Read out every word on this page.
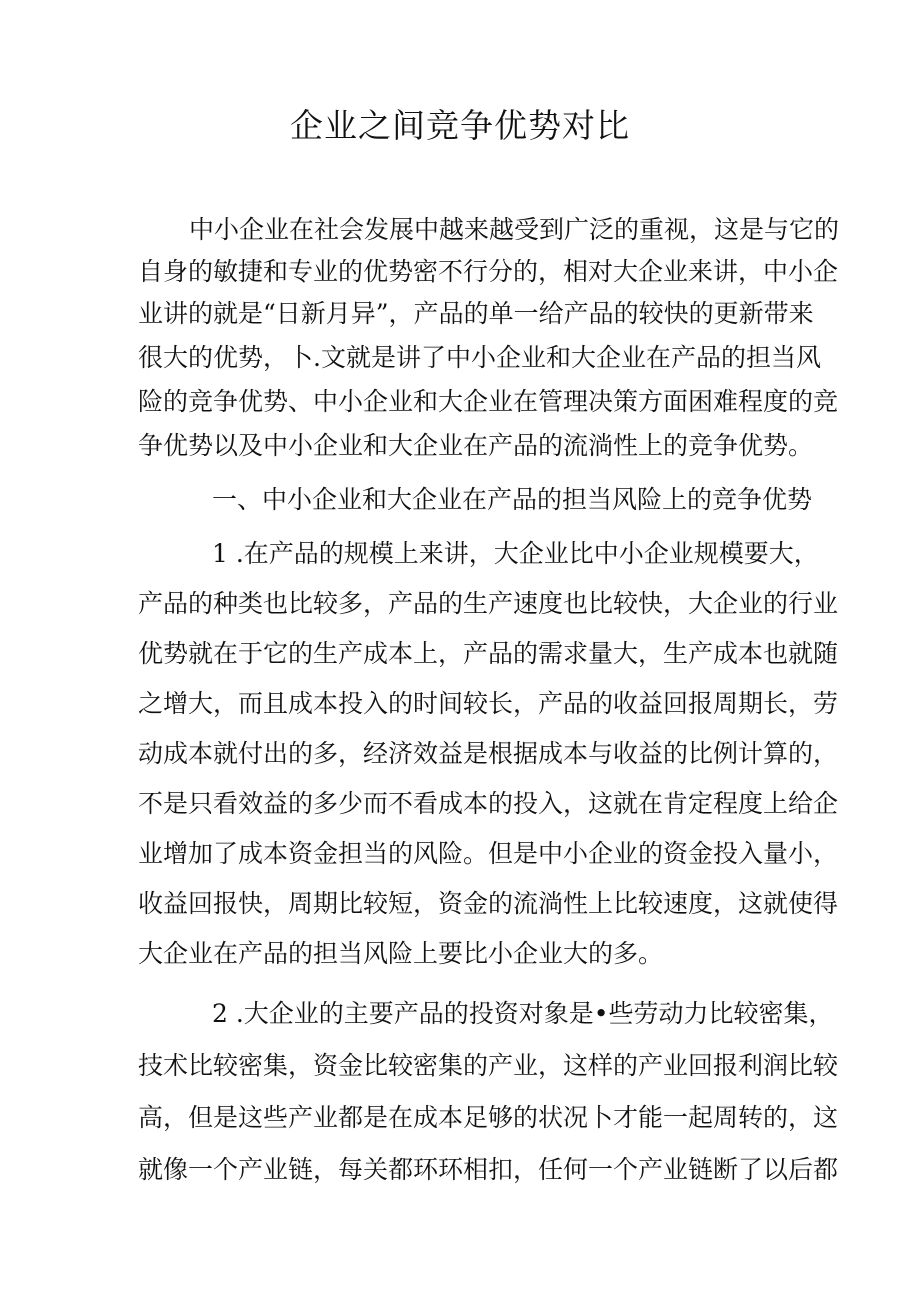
企业之间竞争优势对比

中小企业在社会发展中越来越受到广泛的重视，这是与它的

自身的敏捷和专业的优势密不行分的，相对大企业来讲，中小企

业讲的就是“日新月异”，产品的单一给产品的较快的更新带来

很大的优势，卜.文就是讲了中小企业和大企业在产品的担当风

险的竞争优势、中小企业和大企业在管理决策方面困难程度的竞

争优势以及中小企业和大企业在产品的流淌性上的竞争优势。

一、中小企业和大企业在产品的担当风险上的竞争优势

1 .在产品的规模上来讲，大企业比中小企业规模要大，

产品的种类也比较多，产品的生产速度也比较快，大企业的行业

优势就在于它的生产成本上，产品的需求量大，生产成本也就随

之增大，而且成本投入的时间较长，产品的收益回报周期长，劳

动成本就付出的多，经济效益是根据成本与收益的比例计算的，

不是只看效益的多少而不看成本的投入，这就在肯定程度上给企

业增加了成本资金担当的风险。但是中小企业的资金投入量小，

收益回报快，周期比较短，资金的流淌性上比较速度，这就使得

大企业在产品的担当风险上要比小企业大的多。

2 .大企业的主要产品的投资对象是•些劳动力比较密集，

技术比较密集，资金比较密集的产业，这样的产业回报利润比较

高，但是这些产业都是在成本足够的状况卜才能一起周转的，这

就像一个产业链，每关都环环相扣，任何一个产业链断了以后都
